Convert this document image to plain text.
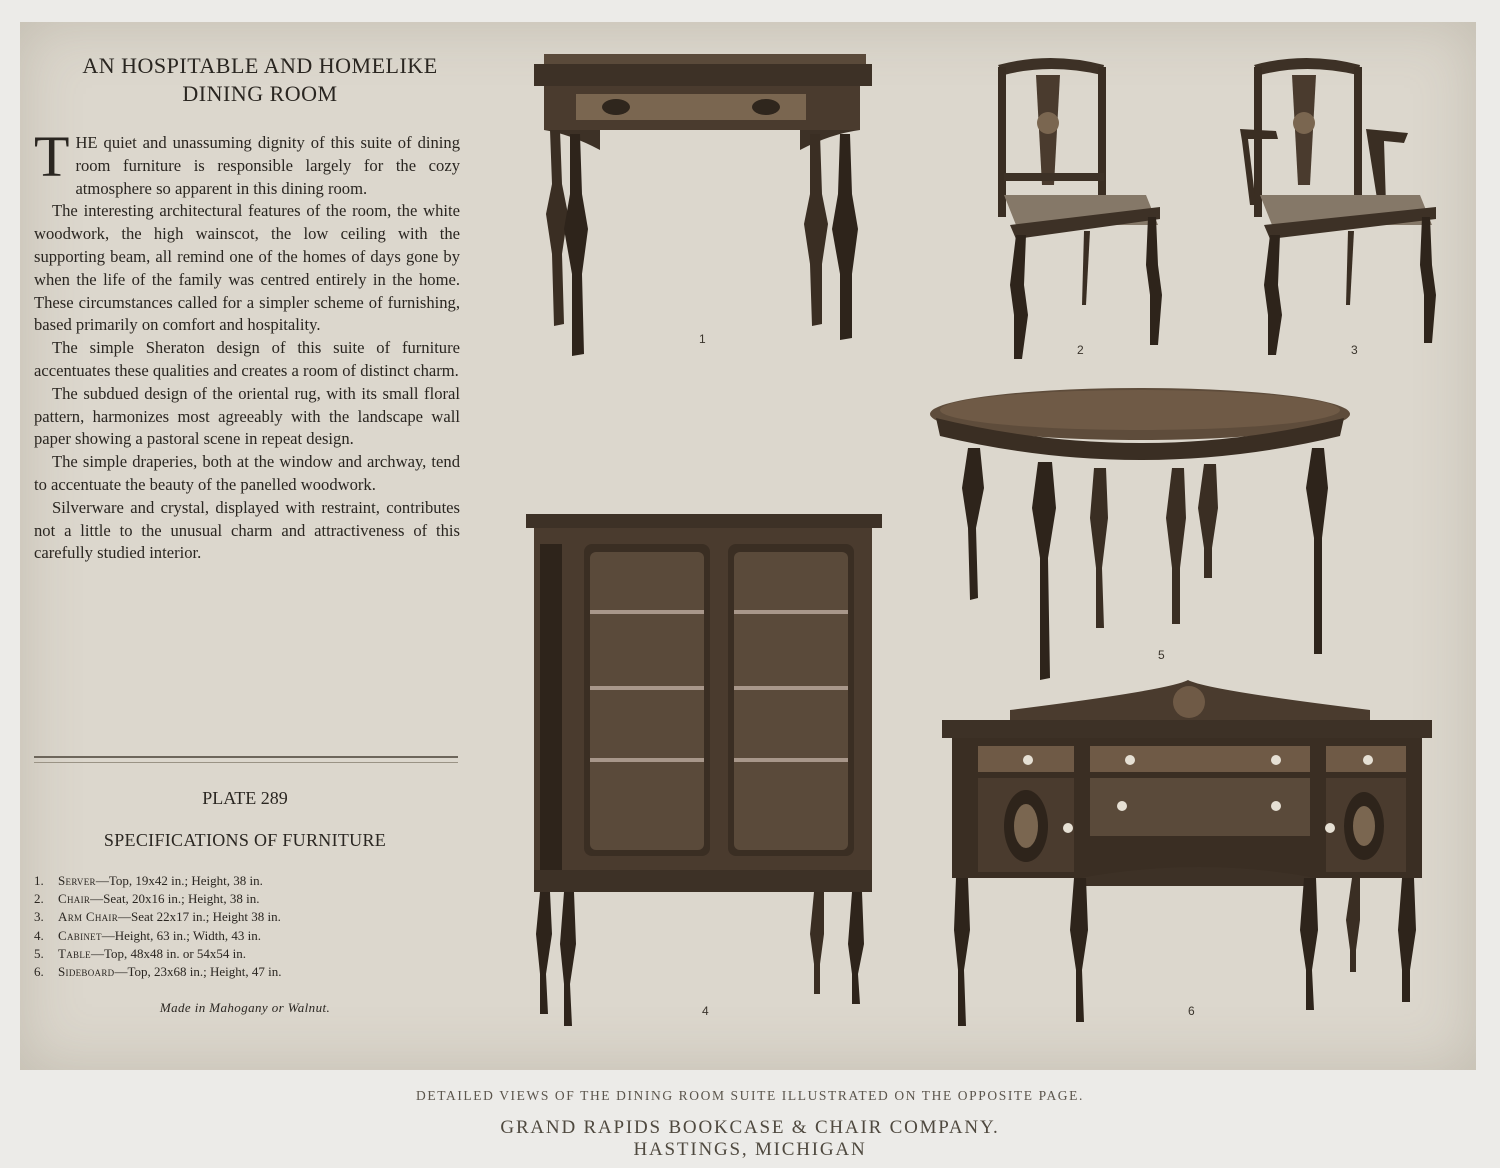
AN HOSPITABLE AND HOMELIKE
DINING ROOM

THE quiet and unassuming dignity of this suite of dining room furniture is responsible largely for the cozy atmosphere so apparent in this dining room.

The interesting architectural features of the room, the white woodwork, the high wainscot, the low ceiling with the supporting beam, all remind one of the homes of days gone by when the life of the family was centred entirely in the home. These circumstances called for a simpler scheme of furnishing, based primarily on comfort and hospitality.

The simple Sheraton design of this suite of furniture accentuates these qualities and creates a room of distinct charm.

The subdued design of the oriental rug, with its small floral pattern, harmonizes most agreeably with the landscape wall paper showing a pastoral scene in repeat design.

The simple draperies, both at the window and archway, tend to accentuate the beauty of the panelled woodwork.

Silverware and crystal, displayed with restraint, contributes not a little to the unusual charm and attractiveness of this carefully studied interior.

PLATE 289
SPECIFICATIONS OF FURNITURE
1. Server—Top, 19x42 in.; Height, 38 in.
2. Chair—Seat, 20x16 in.; Height, 38 in.
3. Arm Chair—Seat 22x17 in.; Height 38 in.
4. Cabinet—Height, 63 in.; Width, 43 in.
5. Table—Top, 48x48 in. or 54x54 in.
6. Sideboard—Top, 23x68 in.; Height, 47 in.
Made in Mahogany or Walnut.
1
2	3
5
4	6
DETAILED VIEWS OF THE DINING ROOM SUITE ILLUSTRATED ON THE OPPOSITE PAGE.
GRAND RAPIDS BOOKCASE & CHAIR COMPANY.
HASTINGS, MICHIGAN
